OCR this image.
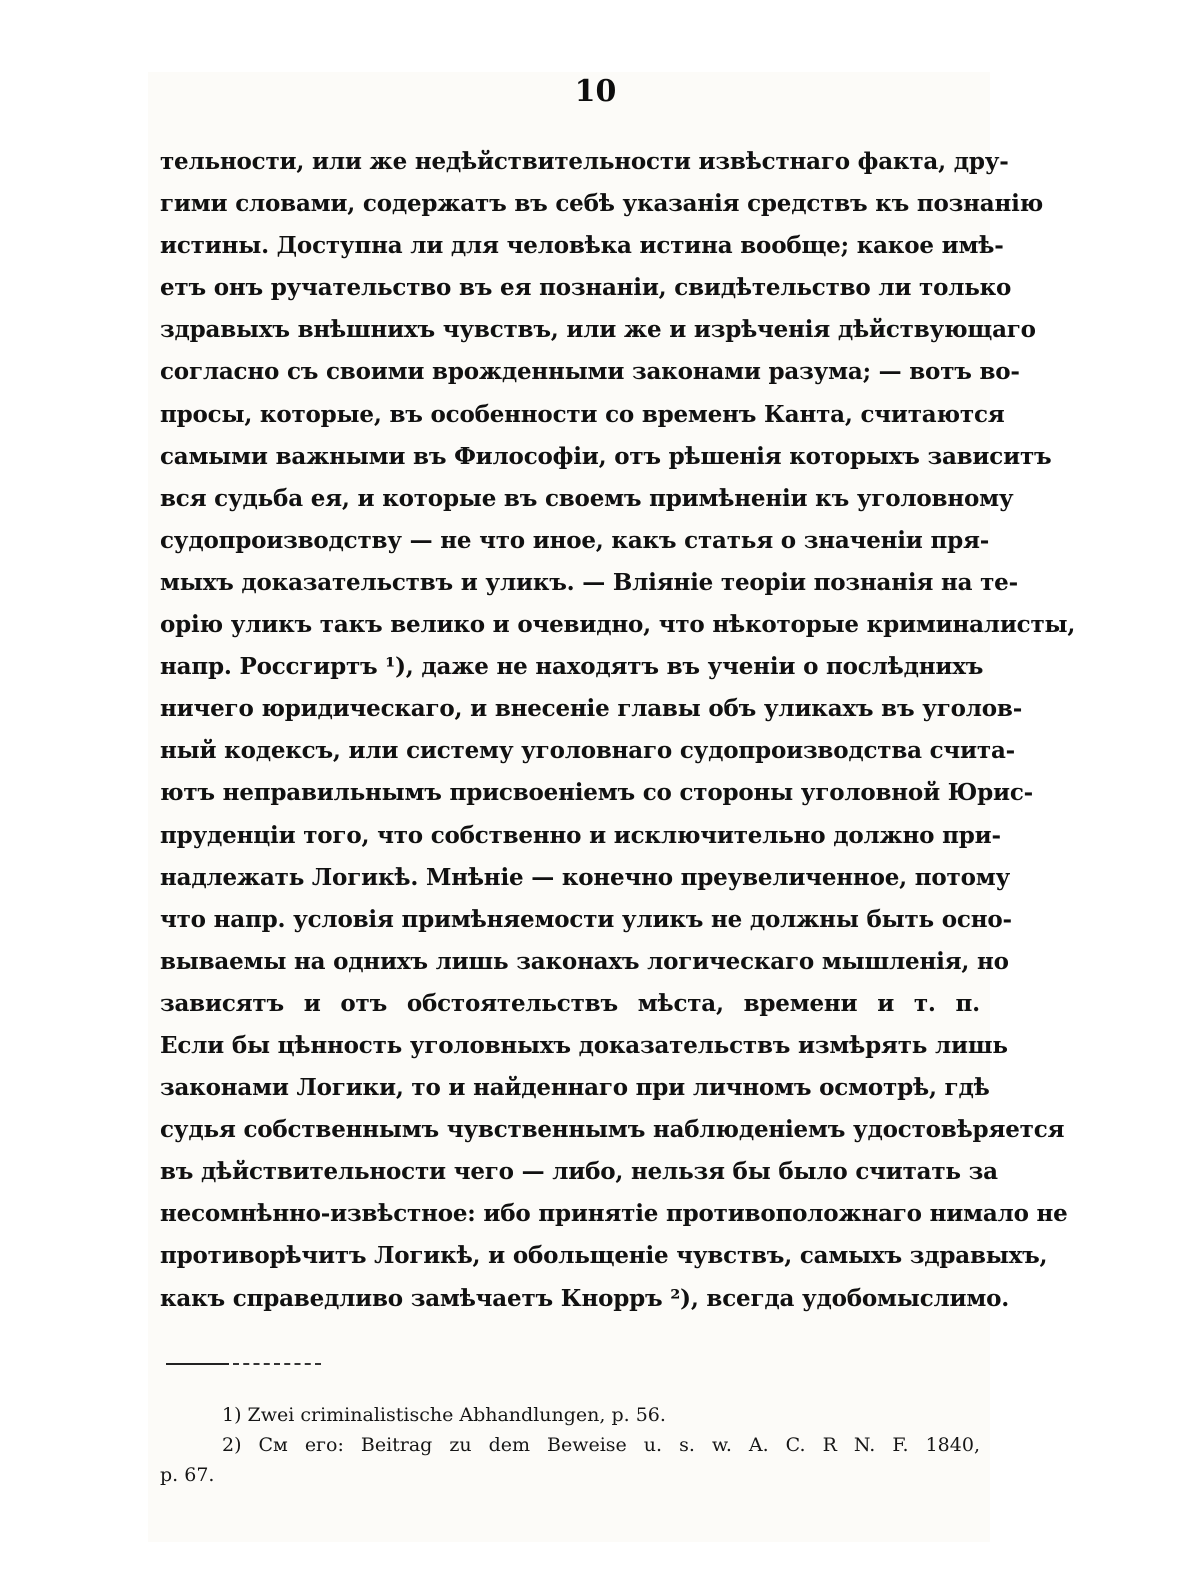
10
тельности, или же недѣйствительности извѣстнаго факта, дру-
гими словами, содержатъ въ себѣ указанія средствъ къ познанію
истины. Доступна ли для человѣка истина вообще; какое имѣ-
етъ онъ ручательство въ ея познаніи, свидѣтельство ли только
здравыхъ внѣшнихъ чувствъ, или же и изрѣченія дѣйствующаго
согласно съ своими врожденными законами разума; — вотъ во-
просы, которые, въ особенности со временъ Канта, считаются
самыми важными въ Философіи, отъ рѣшенія которыхъ зависитъ
вся судьба ея, и которые въ своемъ примѣненіи къ уголовному
судопроизводству — не что иное, какъ статья о значеніи пря-
мыхъ доказательствъ и уликъ. — Вліяніе теоріи познанія на те-
орію уликъ такъ велико и очевидно, что нѣкоторые криминалисты,
напр. Россгиртъ ¹), даже не находятъ въ ученіи о послѣднихъ
ничего юридическаго, и внесеніе главы объ уликахъ въ уголов-
ный кодексъ, или систему уголовнаго судопроизводства счита-
ютъ неправильнымъ присвоеніемъ со стороны уголовной Юрис-
пруденціи того, что собственно и исключительно должно при-
надлежать Логикѣ. Мнѣніе — конечно преувеличенное, потому
что напр. условія примѣняемости уликъ не должны быть осно-
вываемы на однихъ лишь законахъ логическаго мышленія, но
зависятъ и отъ обстоятельствъ мѣста, времени и т. п.
Если бы цѣнность уголовныхъ доказательствъ измѣрять лишь
законами Логики, то и найденнаго при личномъ осмотрѣ, гдѣ
судья собственнымъ чувственнымъ наблюденіемъ удостовѣряется
въ дѣйствительности чего — либо, нельзя бы было считать за
несомнѣнно-извѣстное: ибо принятіе противоположнаго нимало не
противорѣчитъ Логикѣ, и обольщеніе чувствъ, самыхъ здравыхъ,
какъ справедливо замѣчаетъ Кнорръ ²), всегда удобомыслимо.
1) Zwei criminalistische Abhandlungen, p. 56.
2) См его: Beitrag zu dem Beweise u. s. w. A. C. R N. F. 1840,
p. 67.
